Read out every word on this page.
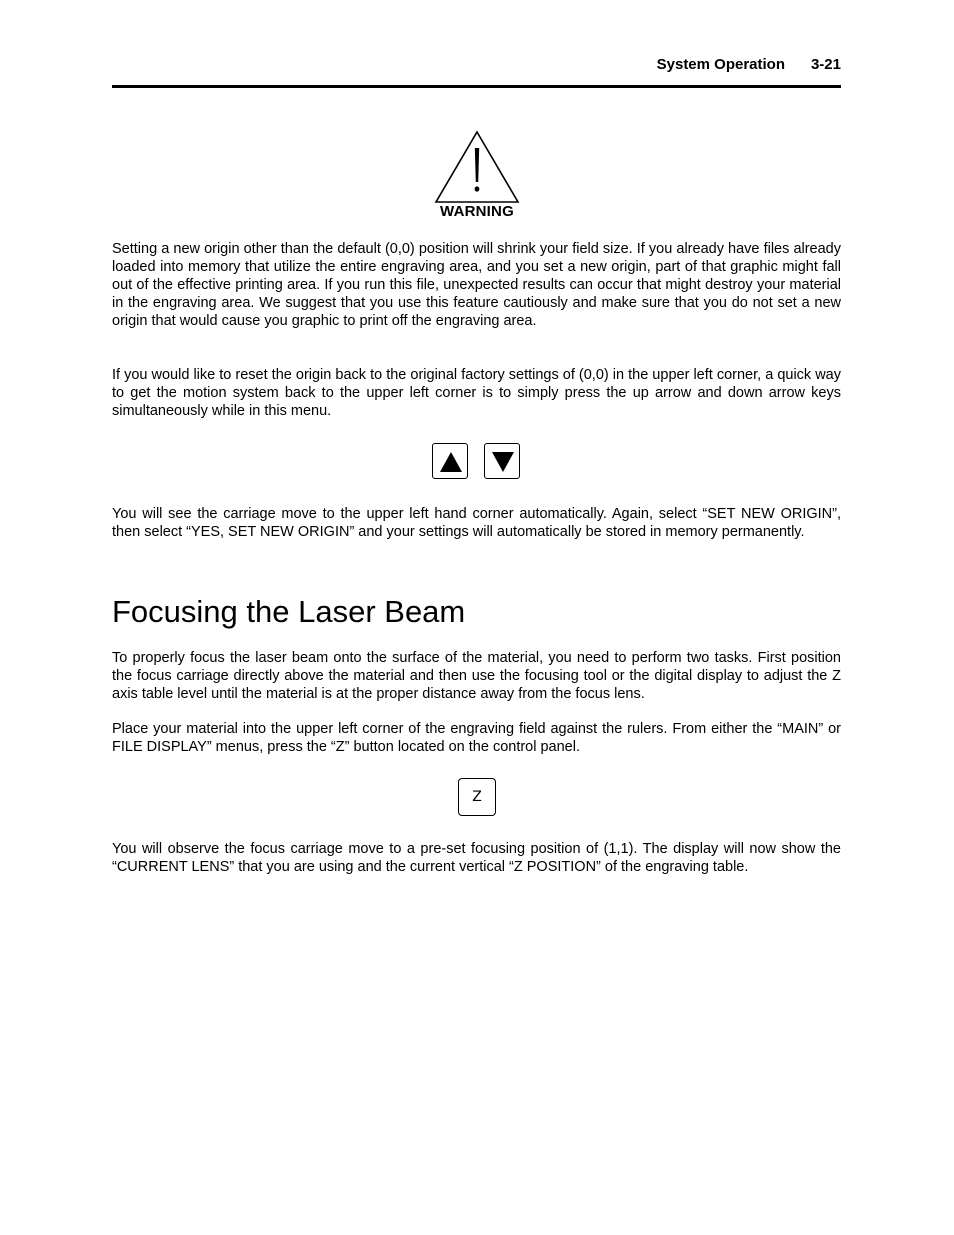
System Operation 3-21
WARNING

Setting a new origin other than the default (0,0) position will shrink your field size. If you already have files already loaded into memory that utilize the entire engraving area, and you set a new origin, part of that graphic might fall out of the effective printing area. If you run this file, unexpected results can occur that might destroy your material in the engraving area. We suggest that you use this feature cautiously and make sure that you do not set a new origin that would cause you graphic to print off the engraving area.

If you would like to reset the origin back to the original factory settings of (0,0) in the upper left corner, a quick way to get the motion system back to the upper left corner is to simply press the up arrow and down arrow keys simultaneously while in this menu.

You will see the carriage move to the upper left hand corner automatically. Again, select “SET NEW ORIGIN”, then select “YES, SET NEW ORIGIN” and your settings will automatically be stored in memory permanently.

Focusing the Laser Beam

To properly focus the laser beam onto the surface of the material, you need to perform two tasks. First position the focus carriage directly above the material and then use the focusing tool or the digital display to adjust the Z axis table level until the material is at the proper distance away from the focus lens.

Place your material into the upper left corner of the engraving field against the rulers. From either the “MAIN” or FILE DISPLAY” menus, press the “Z” button located on the control panel.

Z

You will observe the focus carriage move to a pre-set focusing position of (1,1). The display will now show the “CURRENT LENS” that you are using and the current vertical “Z POSITION” of the engraving table.
